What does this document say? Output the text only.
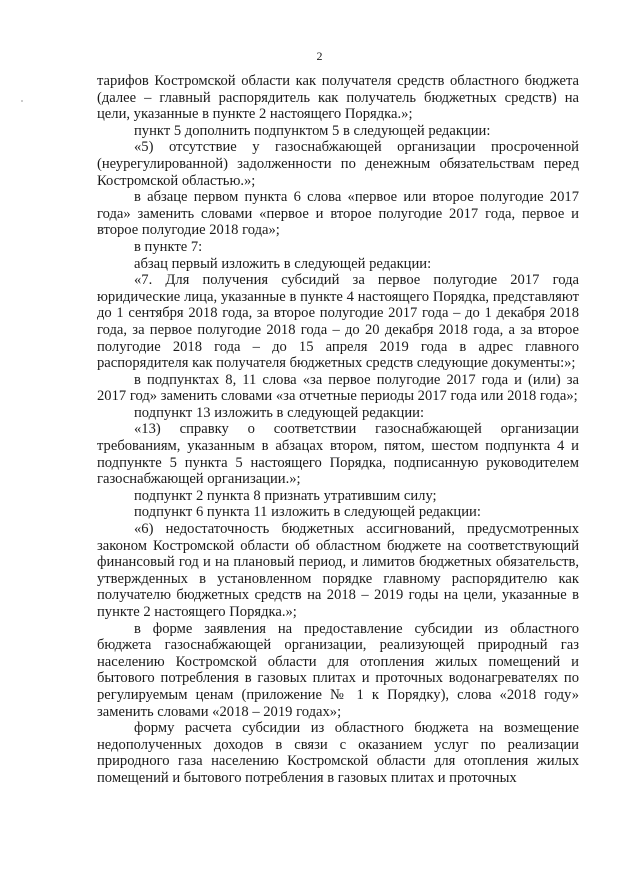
2

тарифов Костромской области как получателя средств областного бюджета (далее – главный распорядитель как получатель бюджетных средств) на цели, указанные в пункте 2 настоящего Порядка.»;

пункт 5 дополнить подпунктом 5 в следующей редакции:

«5) отсутствие у газоснабжающей организации просроченной (неурегулированной) задолженности по денежным обязательствам перед Костромской областью.»;

в абзаце первом пункта 6 слова «первое или второе полугодие 2017 года» заменить словами «первое и второе полугодие 2017 года, первое и второе полугодие 2018 года»;

в пункте 7:

абзац первый изложить в следующей редакции:

«7. Для получения субсидий за первое полугодие 2017 года юридические лица, указанные в пункте 4 настоящего Порядка, представляют до 1 сентября 2018 года, за второе полугодие 2017 года – до 1 декабря 2018 года, за первое полугодие 2018 года – до 20 декабря 2018 года, а за второе полугодие 2018 года – до 15 апреля 2019 года в адрес главного распорядителя как получателя бюджетных средств следующие документы:»;

в подпунктах 8, 11 слова «за первое полугодие 2017 года и (или) за 2017 год» заменить словами «за отчетные периоды 2017 года или 2018 года»;

подпункт 13 изложить в следующей редакции:

«13) справку о соответствии газоснабжающей организации требованиям, указанным в абзацах втором, пятом, шестом подпункта 4 и подпункте 5 пункта 5 настоящего Порядка, подписанную руководителем газоснабжающей организации.»;

подпункт 2 пункта 8 признать утратившим силу;

подпункт 6 пункта 11 изложить в следующей редакции:

«6) недостаточность бюджетных ассигнований, предусмотренных законом Костромской области об областном бюджете на соответствующий финансовый год и на плановый период, и лимитов бюджетных обязательств, утвержденных в установленном порядке главному распорядителю как получателю бюджетных средств на 2018 – 2019 годы на цели, указанные в пункте 2 настоящего Порядка.»;

в форме заявления на предоставление субсидии из областного бюджета газоснабжающей организации, реализующей природный газ населению Костромской области для отопления жилых помещений и бытового потребления в газовых плитах и проточных водонагревателях по регулируемым ценам (приложение № 1 к Порядку), слова «2018 году» заменить словами «2018 – 2019 годах»;

форму расчета субсидии из областного бюджета на возмещение недополученных доходов в связи с оказанием услуг по реализации природного газа населению Костромской области для отопления жилых помещений и бытового потребления в газовых плитах и проточных
